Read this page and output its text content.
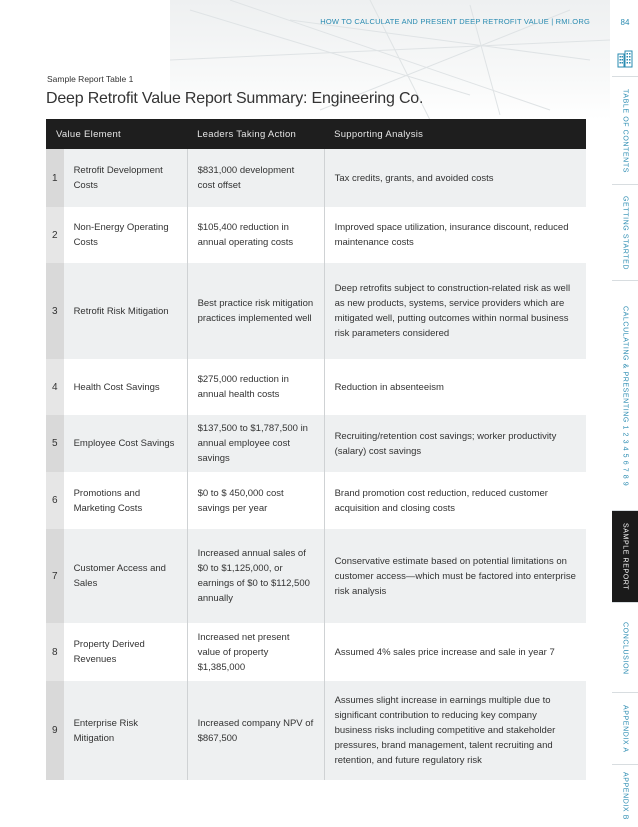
HOW TO CALCULATE AND PRESENT DEEP RETROFIT VALUE | RMI.ORG
Sample Report Table 1
Deep Retrofit Value Report Summary: Engineering Co.
Value Element		Leaders Taking Action	Supporting Analysis
1	Retrofit Development Costs	$831,000 development cost offset	Tax credits, grants, and avoided costs
2	Non-Energy Operating Costs	$105,400 reduction in annual operating costs	Improved space utilization, insurance discount, reduced maintenance costs
3	Retrofit Risk Mitigation	Best practice risk mitigation practices implemented well	Deep retrofits subject to construction-related risk as well as new products, systems, service providers which are mitigated well, putting outcomes within normal business risk parameters considered
4	Health Cost Savings	$275,000 reduction in annual health costs	Reduction in absenteeism
5	Employee Cost Savings	$137,500 to $1,787,500 in annual employee cost savings	Recruiting/retention cost savings; worker productivity (salary) cost savings
6	Promotions and Marketing Costs	$0 to $ 450,000 cost savings per year	Brand promotion cost reduction, reduced customer acquisition and closing costs
7	Customer Access and Sales	Increased annual sales of $0 to $1,125,000, or earnings of $0 to $112,500 annually	Conservative estimate based on potential limitations on customer access—which must be factored into enterprise risk analysis
8	Property Derived Revenues	Increased net present value of property $1,385,000	Assumed 4% sales price increase and sale in year 7
9	Enterprise Risk Mitigation	Increased company NPV of $867,500	Assumes slight increase in earnings multiple due to significant contribution to reducing key company business risks including competitive and stakeholder pressures, brand management, talent recruiting and retention, and future regulatory risk
84
TABLE OF CONTENTS
GETTING STARTED
CALCULATING & PRESENTING 1 2 3 4 5 6 7 8 9
SAMPLE REPORT
CONCLUSION
APPENDIX A
APPENDIX B
